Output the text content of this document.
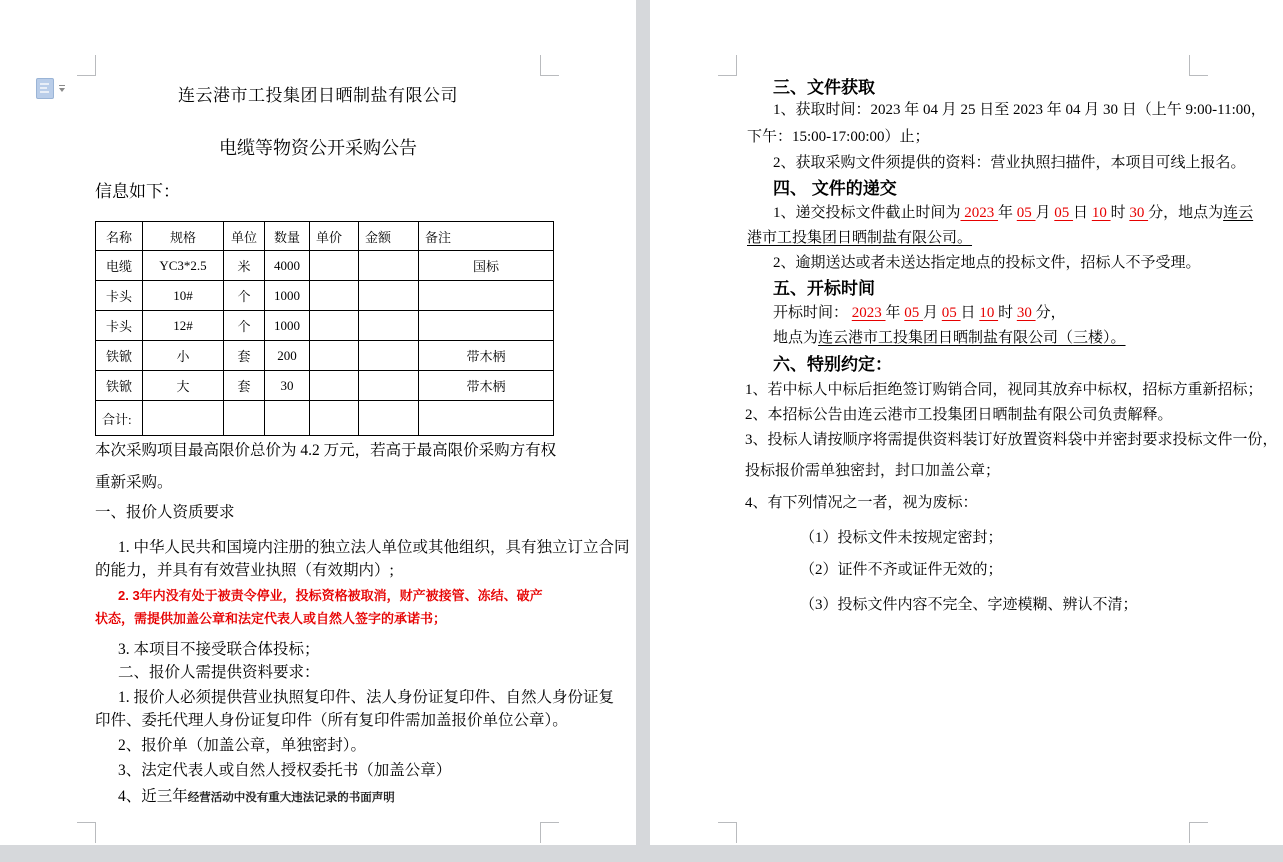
连云港市工投集团日晒制盐有限公司
电缆等物资公开采购公告
信息如下：
名称	规格	单位	数量	单价	金额	备注
电缆	YC3*2.5	米	4000			国标
卡头	10#	个	1000			
卡头	12#	个	1000			
铁锨	小	套	200			带木柄
铁锨	大	套	30			带木柄
合计:						
本次采购项目最高限价总价为 4.2 万元，若高于最高限价采购方有权
重新采购。
一、报价人资质要求
1. 中华人民共和国境内注册的独立法人单位或其他组织，具有独立订立合同
的能力，并具有有效营业执照（有效期内）;
2. 3年内没有处于被责令停业，投标资格被取消，财产被接管、冻结、破产
状态，需提供加盖公章和法定代表人或自然人签字的承诺书；
3. 本项目不接受联合体投标；
二、报价人需提供资料要求：
1. 报价人必须提供营业执照复印件、法人身份证复印件、自然人身份证复
印件、委托代理人身份证复印件（所有复印件需加盖报价单位公章）。
2、报价单（加盖公章，单独密封）。
3、法定代表人或自然人授权委托书（加盖公章）
4、近三年经营活动中没有重大违法记录的书面声明
三、文件获取
1、获取时间：2023 年 04 月 25 日至 2023 年 04 月 30 日（上午 9:00-11:00，
下午：15:00-17:00:00）止；
2、获取采购文件须提供的资料：营业执照扫描件，本项目可线上报名。
四、 文件的递交
1、递交投标文件截止时间为 2023 年 05 月 05 日 10 时 30 分，地点为连云
港市工投集团日晒制盐有限公司。
2、逾期送达或者未送达指定地点的投标文件，招标人不予受理。
五、开标时间
开标时间： 2023 年 05 月 05 日 10 时 30 分，
地点为连云港市工投集团日晒制盐有限公司（三楼）。
六、特别约定：
1、若中标人中标后拒绝签订购销合同，视同其放弃中标权，招标方重新招标；
2、本招标公告由连云港市工投集团日晒制盐有限公司负责解释。
3、投标人请按顺序将需提供资料装订好放置资料袋中并密封要求投标文件一份，
投标报价需单独密封，封口加盖公章；
4、有下列情况之一者，视为废标：
（1）投标文件未按规定密封；
（2）证件不齐或证件无效的；
（3）投标文件内容不完全、字迹模糊、辨认不清；
